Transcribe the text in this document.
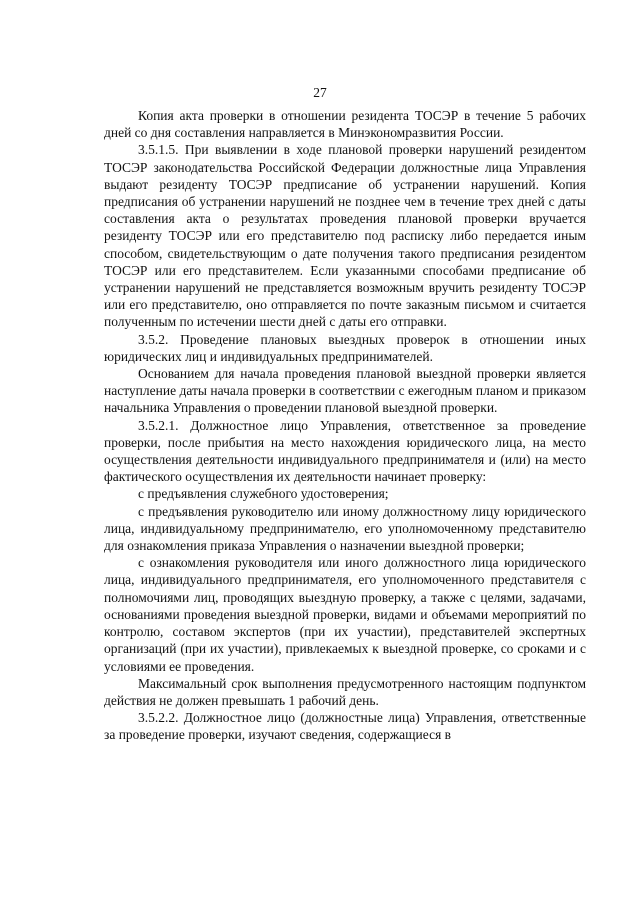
27

Копия акта проверки в отношении резидента ТОСЭР в течение 5 рабочих дней со дня составления направляется в Минэкономразвития России.

3.5.1.5. При выявлении в ходе плановой проверки нарушений резидентом ТОСЭР законодательства Российской Федерации должностные лица Управления выдают резиденту ТОСЭР предписание об устранении нарушений. Копия предписания об устранении нарушений не позднее чем в течение трех дней с даты составления акта о результатах проведения плановой проверки вручается резиденту ТОСЭР или его представителю под расписку либо передается иным способом, свидетельствующим о дате получения такого предписания резидентом ТОСЭР или его представителем. Если указанными способами предписание об устранении нарушений не представляется возможным вручить резиденту ТОСЭР или его представителю, оно отправляется по почте заказным письмом и считается полученным по истечении шести дней с даты его отправки.

3.5.2. Проведение плановых выездных проверок в отношении иных юридических лиц и индивидуальных предпринимателей.

Основанием для начала проведения плановой выездной проверки является наступление даты начала проверки в соответствии с ежегодным планом и приказом начальника Управления о проведении плановой выездной проверки.

3.5.2.1. Должностное лицо Управления, ответственное за проведение проверки, после прибытия на место нахождения юридического лица, на место осуществления деятельности индивидуального предпринимателя и (или) на место фактического осуществления их деятельности начинает проверку:

с предъявления служебного удостоверения;

с предъявления руководителю или иному должностному лицу юридического лица, индивидуальному предпринимателю, его уполномоченному представителю для ознакомления приказа Управления о назначении выездной проверки;

с ознакомления руководителя или иного должностного лица юридического лица, индивидуального предпринимателя, его уполномоченного представителя с полномочиями лиц, проводящих выездную проверку, а также с целями, задачами, основаниями проведения выездной проверки, видами и объемами мероприятий по контролю, составом экспертов (при их участии), представителей экспертных организаций (при их участии), привлекаемых к выездной проверке, со сроками и с условиями ее проведения.

Максимальный срок выполнения предусмотренного настоящим подпунктом действия не должен превышать 1 рабочий день.

3.5.2.2. Должностное лицо (должностные лица) Управления, ответственные за проведение проверки, изучают сведения, содержащиеся в
